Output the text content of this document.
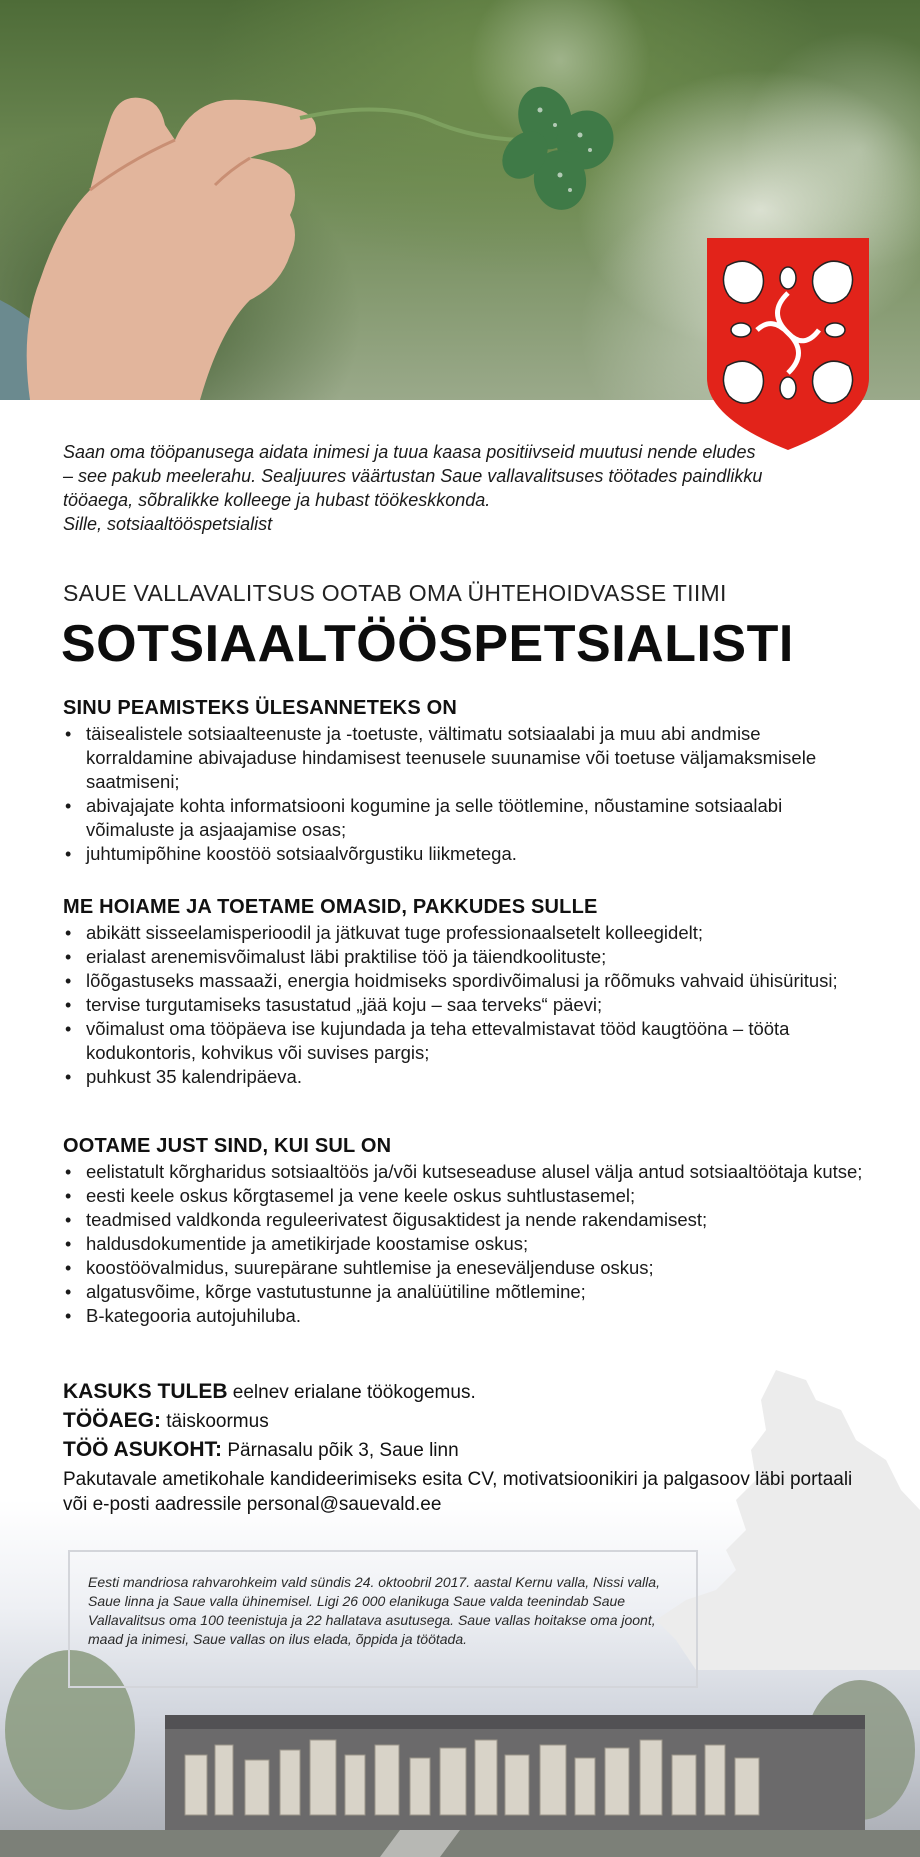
Saan oma tööpanusega aidata inimesi ja tuua kaasa positiivseid muutusi nende eludes – see pakub meelerahu. Sealjuures väärtustan Saue vallavalitsuses töötades paindlikku tööaega, sõbralikke kolleege ja hubast töökeskkonda.

Sille, sotsiaaltööspetsialist

SAUE VALLAVALITSUS OOTAB OMA ÜHTEHOIDVASSE TIIMI
SOTSIAALTÖÖSPETSIALISTI
SINU PEAMISTEKS ÜLESANNETEKS ON
• täisealistele sotsiaalteenuste ja -toetuste, vältimatu sotsiaalabi ja muu abi andmise korraldamine abivajaduse hindamisest teenusele suunamise või toetuse väljamaksmisele saatmiseni;
• abivajajate kohta informatsiooni kogumine ja selle töötlemine, nõustamine sotsiaalabi võimaluste ja asjaajamise osas;
• juhtumipõhine koostöö sotsiaalvõrgustiku liikmetega.
ME HOIAME JA TOETAME OMASID, PAKKUDES SULLE
• abikätt sisseelamisperioodil ja jätkuvat tuge professionaalsetelt kolleegidelt;
• erialast arenemisvõimalust läbi praktilise töö ja täiendkoolituste;
• lõõgastuseks massaaži, energia hoidmiseks spordivõimalusi ja rõõmuks vahvaid ühisüritusi;
• tervise turgutamiseks tasustatud „jää koju – saa terveks“ päevi;
• võimalust oma tööpäeva ise kujundada ja teha ettevalmistavat tööd kaugtööna – tööta kodukontoris, kohvikus või suvises pargis;
• puhkust 35 kalendripäeva.
OOTAME JUST SIND, KUI SUL ON
• eelistatult kõrgharidus sotsiaaltöös ja/või kutseseaduse alusel välja antud sotsiaaltöötaja kutse;
• eesti keele oskus kõrgtasemel ja vene keele oskus suhtlustasemel;
• teadmised valdkonda reguleerivatest õigusaktidest ja nende rakendamisest;
• haldusdokumentide ja ametikirjade koostamise oskus;
• koostöövalmidus, suurepärane suhtlemise ja eneseväljenduse oskus;
• algatusvõime, kõrge vastutustunne ja analüütiline mõtlemine;
• B-kategooria autojuhiluba.
KASUKS TULEB eelnev erialane töökogemus.
TÖÖAEG: täiskoormus
TÖÖ ASUKOHT: Pärnasalu põik 3, Saue linn
Pakutavale ametikohale kandideerimiseks esita CV, motivatsioonikiri ja palgasoov läbi portaali või e-posti aadressile personal@sauevald.ee

Eesti mandriosa rahvarohkeim vald sündis 24. oktoobril 2017. aastal Kernu valla, Nissi valla, Saue linna ja Saue valla ühinemisel. Ligi 26 000 elanikuga Saue valda teenindab Saue Vallavalitsus oma 100 teenistuja ja 22 hallatava asutusega. Saue vallas hoitakse oma joont, maad ja inimesi, Saue vallas on ilus elada, õppida ja töötada.
